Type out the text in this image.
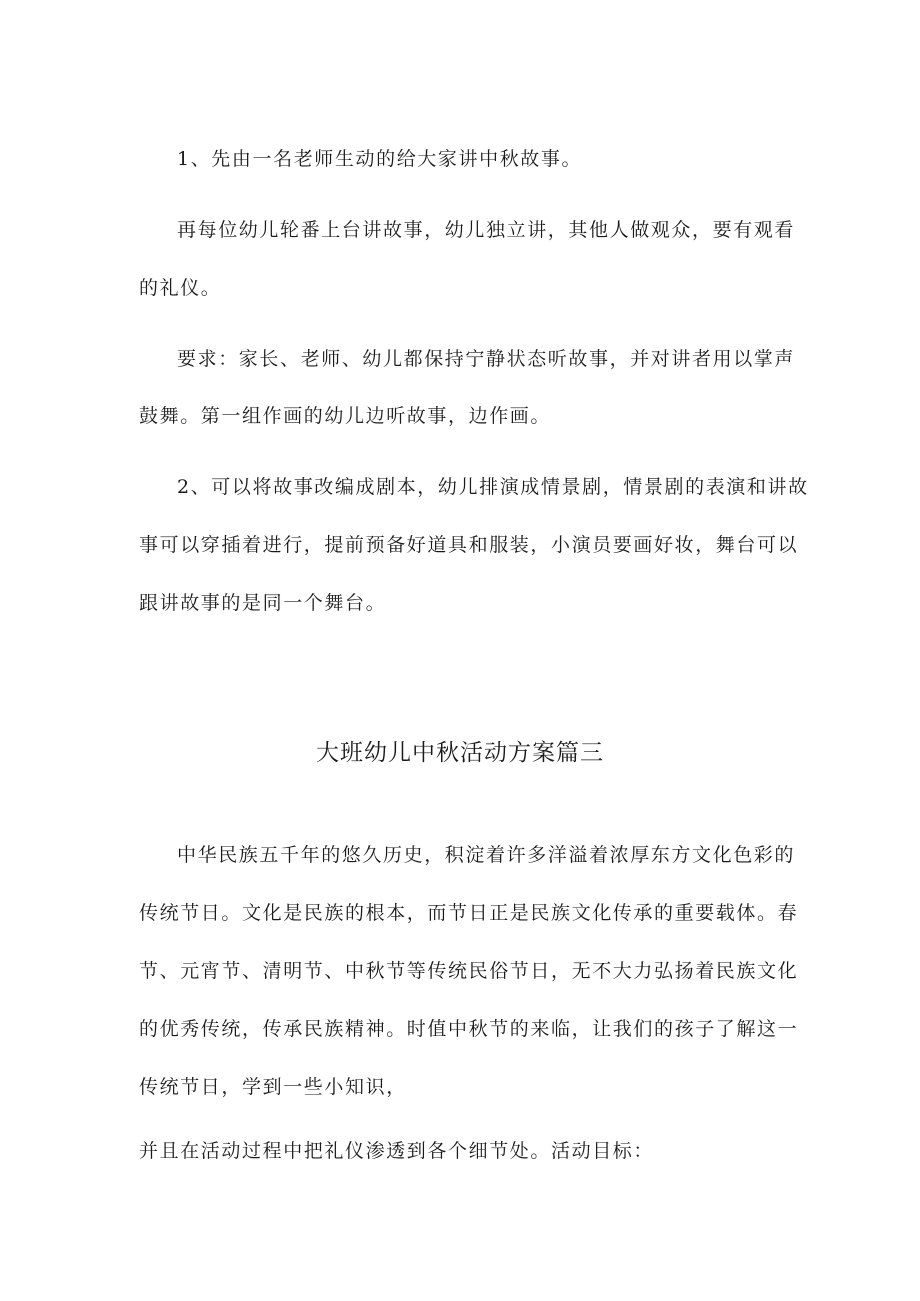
1、先由一名老师生动的给大家讲中秋故事。
再每位幼儿轮番上台讲故事，幼儿独立讲，其他人做观众，要有观看
的礼仪。
要求：家长、老师、幼儿都保持宁静状态听故事，并对讲者用以掌声
鼓舞。第一组作画的幼儿边听故事，边作画。
2、可以将故事改编成剧本，幼儿排演成情景剧，情景剧的表演和讲故
事可以穿插着进行，提前预备好道具和服装，小演员要画好妆，舞台可以
跟讲故事的是同一个舞台。
大班幼儿中秋活动方案篇三
中华民族五千年的悠久历史，积淀着许多洋溢着浓厚东方文化色彩的
传统节日。文化是民族的根本，而节日正是民族文化传承的重要载体。春
节、元宵节、清明节、中秋节等传统民俗节日，无不大力弘扬着民族文化
的优秀传统，传承民族精神。时值中秋节的来临，让我们的孩子了解这一
传统节日，学到一些小知识，
并且在活动过程中把礼仪渗透到各个细节处。活动目标：
